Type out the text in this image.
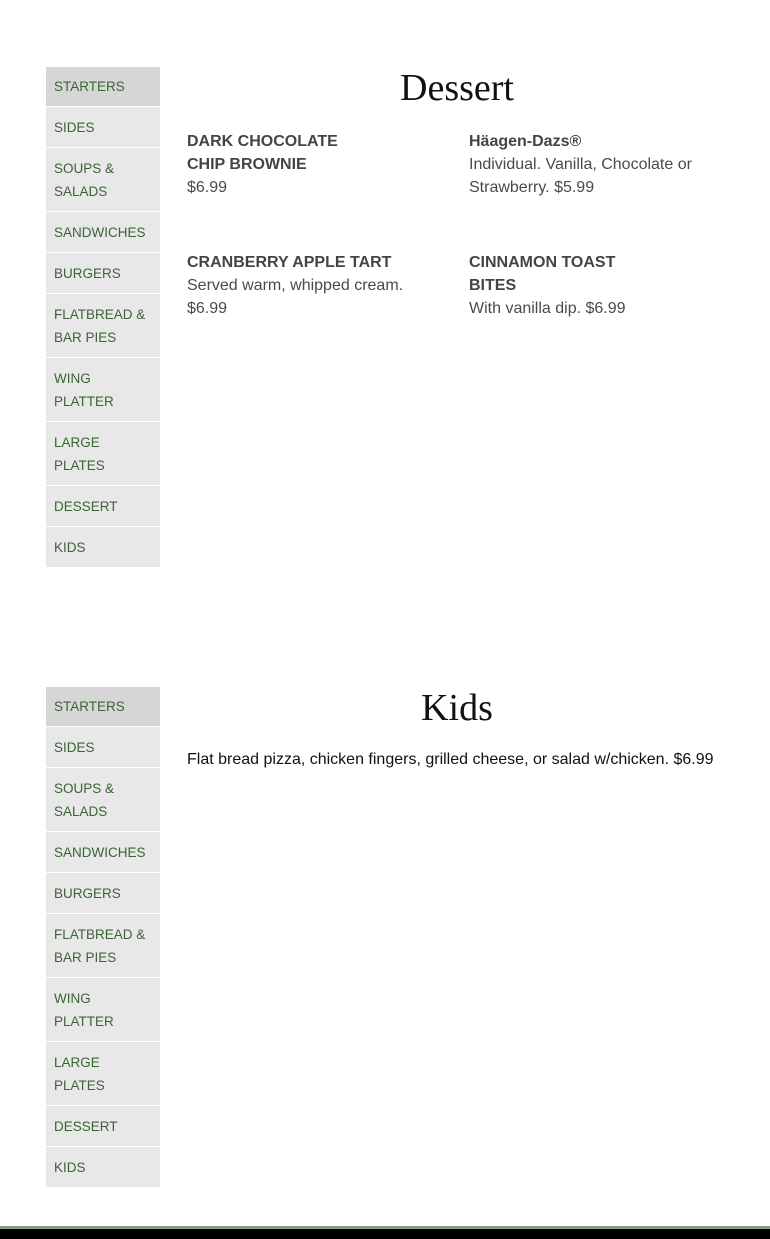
STARTERS
SIDES
SOUPS & SALADS
SANDWICHES
BURGERS
FLATBREAD & BAR PIES
WING PLATTER
LARGE PLATES
DESSERT
KIDS
Dessert
DARK CHOCOLATE CHIP BROWNIE
$6.99
Häagen-Dazs®
Individual. Vanilla, Chocolate or Strawberry. $5.99
CRANBERRY APPLE TART
Served warm, whipped cream.
$6.99
CINNAMON TOAST BITES
With vanilla dip. $6.99
STARTERS
SIDES
SOUPS & SALADS
SANDWICHES
BURGERS
FLATBREAD & BAR PIES
WING PLATTER
LARGE PLATES
DESSERT
KIDS
Kids
Flat bread pizza, chicken fingers, grilled cheese, or salad w/chicken. $6.99
